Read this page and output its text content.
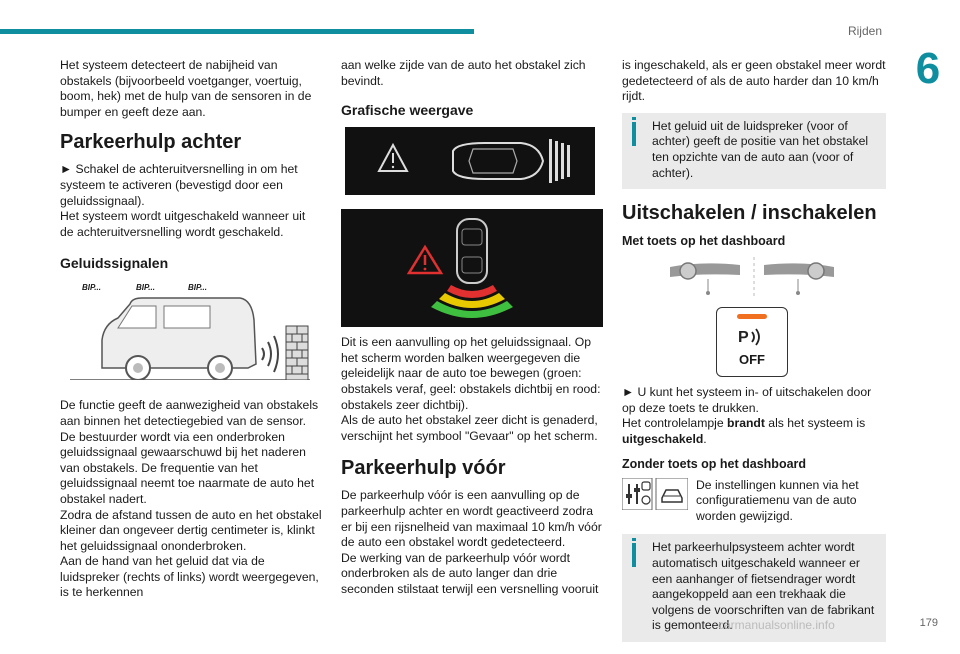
Rijden
6

Het systeem detecteert de nabijheid van obstakels (bijvoorbeeld voetganger, voertuig, boom, hek) met de hulp van de sensoren in de bumper en geeft deze aan.

Parkeerhulp achter

► Schakel de achteruitversnelling in om het systeem te activeren (bevestigd door een geluidssignaal).

Het systeem wordt uitgeschakeld wanneer uit de achteruitversnelling wordt geschakeld.

Geluidssignalen
BIP...	BIP...	BIP...

De functie geeft de aanwezigheid van obstakels aan binnen het detectiegebied van de sensor.

De bestuurder wordt via een onderbroken geluidssignaal gewaarschuwd bij het naderen van obstakels. De frequentie van het geluidssignaal neemt toe naarmate de auto het obstakel nadert.

Zodra de afstand tussen de auto en het obstakel kleiner dan ongeveer dertig centimeter is, klinkt het geluidssignaal ononderbroken.

Aan de hand van het geluid dat via de luidspreker (rechts of links) wordt weergegeven, is te herkennen

aan welke zijde van de auto het obstakel zich bevindt.

Grafische weergave

Dit is een aanvulling op het geluidssignaal. Op het scherm worden balken weergegeven die geleidelijk naar de auto toe bewegen (groen: obstakels veraf, geel: obstakels dichtbij en rood: obstakels zeer dichtbij).

Als de auto het obstakel zeer dicht is genaderd, verschijnt het symbool "Gevaar" op het scherm.

Parkeerhulp vóór

De parkeerhulp vóór is een aanvulling op de parkeerhulp achter en wordt geactiveerd zodra er bij een rijsnelheid van maximaal 10 km/h vóór de auto een obstakel wordt gedetecteerd.

De werking van de parkeerhulp vóór wordt onderbroken als de auto langer dan drie seconden stilstaat terwijl een versnelling vooruit

is ingeschakeld, als er geen obstakel meer wordt gedetecteerd of als de auto harder dan 10 km/h rijdt.

Het geluid uit de luidspreker (voor of achter) geeft de positie van het obstakel ten opzichte van de auto aan (voor of achter).
Uitschakelen / inschakelen
Met toets op het dashboard
P
OFF

► U kunt het systeem in- of uitschakelen door op deze toets te drukken.

Het controlelampje brandt als het systeem is uitgeschakeld.

Zonder toets op het dashboard
De instellingen kunnen via het configuratiemenu van de auto worden gewijzigd.
Het parkeerhulpsysteem achter wordt automatisch uitgeschakeld wanneer er een aanhanger of fietsendrager wordt aangekoppeld aan een trekhaak die volgens de voorschriften van de fabrikant is gemonteerd.
carmanualsonline.info	179
